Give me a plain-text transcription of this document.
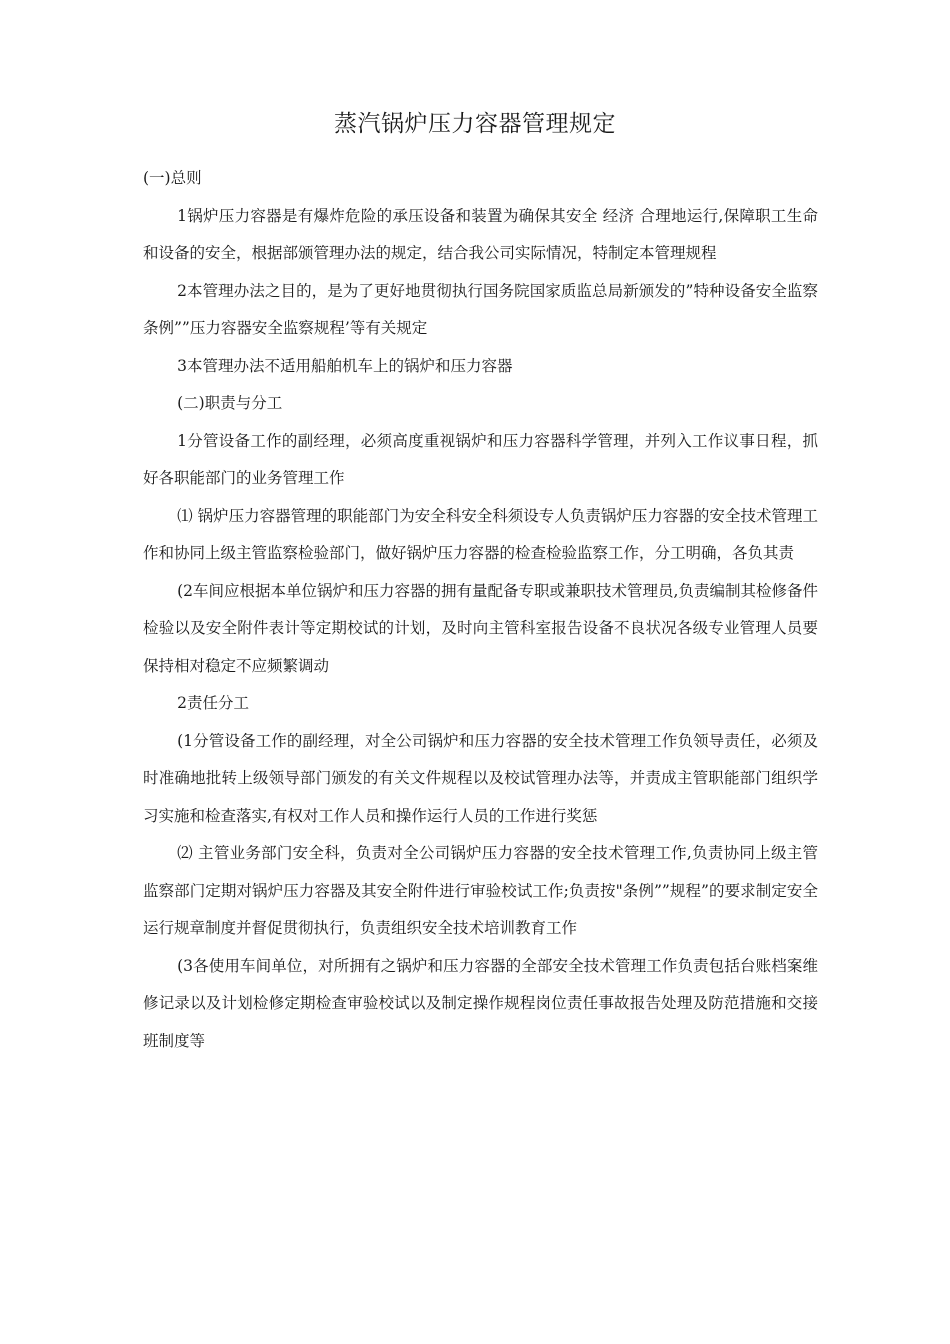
蒸汽锅炉压力容器管理规定

(一)总则

1锅炉压力容器是有爆炸危险的承压设备和装置为确保其安全 经济 合理地运行,保障职工生命和设备的安全，根据部颁管理办法的规定，结合我公司实际情况，特制定本管理规程

2本管理办法之目的，是为了更好地贯彻执行国务院国家质监总局新颁发的”特种设备安全监察条例””压力容器安全监察规程’等有关规定

3本管理办法不适用船舶机车上的锅炉和压力容器

(二)职责与分工

1分管设备工作的副经理，必须高度重视锅炉和压力容器科学管理，并列入工作议事日程，抓好各职能部门的业务管理工作

⑴ 锅炉压力容器管理的职能部门为安全科安全科须设专人负责锅炉压力容器的安全技术管理工作和协同上级主管监察检验部门，做好锅炉压力容器的检查检验监察工作，分工明确，各负其责

(2车间应根据本单位锅炉和压力容器的拥有量配备专职或兼职技术管理员,负责编制其检修备件检验以及安全附件表计等定期校试的计划，及时向主管科室报告设备不良状况各级专业管理人员要保持相对稳定不应频繁调动

2责任分工

(1分管设备工作的副经理，对全公司锅炉和压力容器的安全技术管理工作负领导责任，必须及时准确地批转上级领导部门颁发的有关文件规程以及校试管理办法等，并责成主管职能部门组织学习实施和检查落实,有权对工作人员和操作运行人员的工作进行奖惩

⑵ 主管业务部门安全科，负责对全公司锅炉压力容器的安全技术管理工作,负责协同上级主管监察部门定期对锅炉压力容器及其安全附件进行审验校试工作;负责按"条例””规程”的要求制定安全运行规章制度并督促贯彻执行，负责组织安全技术培训教育工作

(3各使用车间单位，对所拥有之锅炉和压力容器的全部安全技术管理工作负责包括台账档案维修记录以及计划检修定期检查审验校试以及制定操作规程岗位责任事故报告处理及防范措施和交接班制度等
